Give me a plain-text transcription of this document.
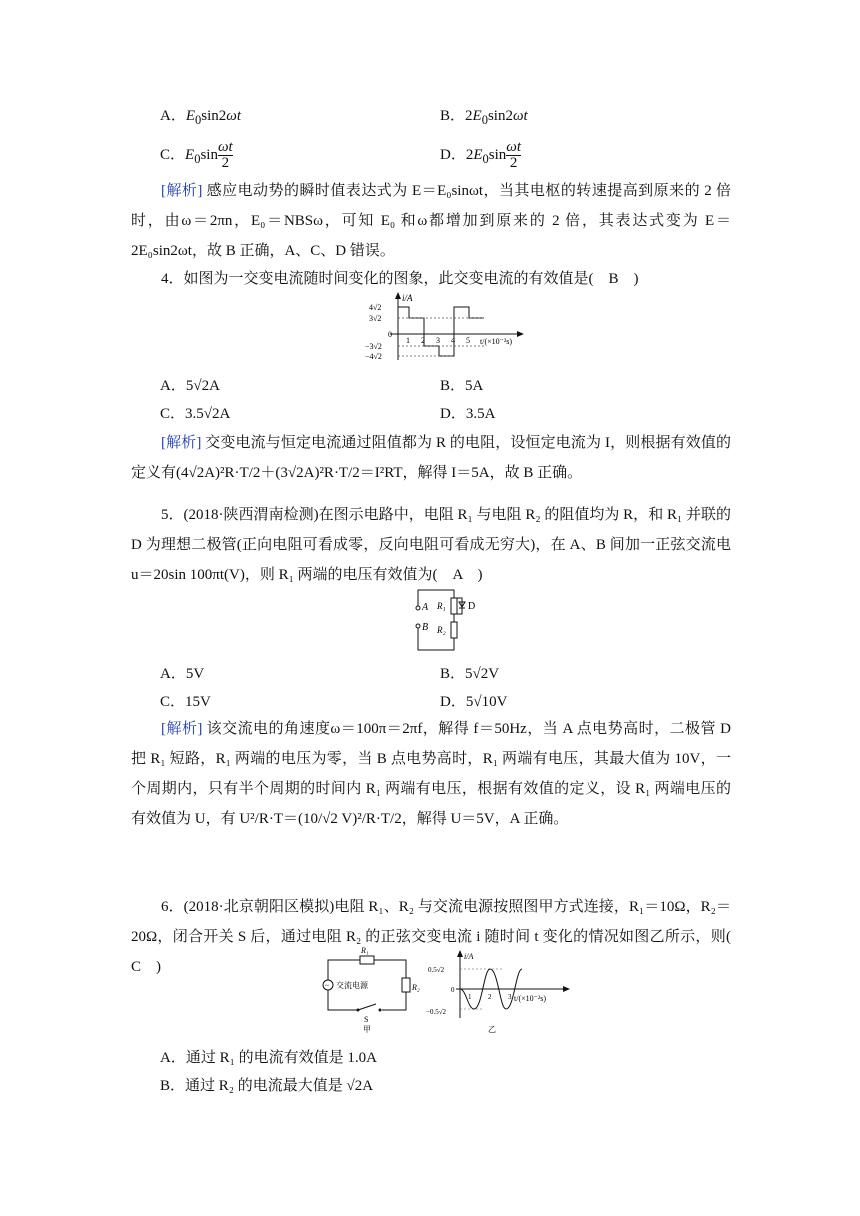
A．$E_0\sin 2\omega t$	B．$2E_0\sin 2\omega t$
C．$E_0\sin \frac{\omega t}{2}$	D．$2E_0\sin \frac{\omega t}{2}$
[解析] 感应电动势的瞬时值表达式为 E＝E₀sinωt，当其电枢的转速提高到原来的 2 倍时，由ω＝2πn，E₀＝NBSω，可知 E₀ 和ω都增加到原来的 2 倍，其表达式变为 E＝2E₀sin2ωt，故 B 正确，A、C、D 错误。
4．如图为一交变电流随时间变化的图象，此交变电流的有效值是(　B　)
i/A
t/(×10⁻²s)
4√2
3√2
0
−3√2
−4√2
1 2 3 4 5
A．5√2A	B．5A
C．3.5√2A	D．3.5A
[解析] 交变电流与恒定电流通过阻值都为 R 的电阻，设恒定电流为 I，则根据有效值的定义有(4√2A)²R·T/2＋(3√2A)²R·T/2＝I²RT，解得 I＝5A，故 B 正确。
5．(2018·陕西渭南检测)在图示电路中，电阻 R₁ 与电阻 R₂ 的阻值均为 R，和 R₁ 并联的 D 为理想二极管(正向电阻可看成零，反向电阻可看成无穷大)，在 A、B 间加一正弦交流电 u＝20sin 100πt(V)，则 R₁ 两端的电压有效值为(　A　)
A
B
R₁
R₂
D
A．5V	B．5√2V
C．15V	D．5√10V
[解析] 该交流电的角速度ω＝100π＝2πf，解得 f＝50Hz，当 A 点电势高时，二极管 D 把 R₁ 短路，R₁ 两端的电压为零，当 B 点电势高时，R₁ 两端有电压，其最大值为 10V，一个周期内，只有半个周期的时间内 R₁ 两端有电压，根据有效值的定义，设 R₁ 两端电压的有效值为 U，有 U²/R·T＝(10/√2 V)²/R·T/2，解得 U＝5V，A 正确。
6．(2018·北京朝阳区模拟)电阻 R₁、R₂ 与交流电源按照图甲方式连接，R₁＝10Ω，R₂＝20Ω，闭合开关 S 后，通过电阻 R₂ 的正弦交变电流 i 随时间 t 变化的情况如图乙所示，则(　C　)
R₁
R₂
~ 交流电源
S
甲
i/A
t/(×10⁻²s)
0.5√2
0
−0.5√2
1 2 3
乙
A．通过 R₁ 的电流有效值是 1.0A
B．通过 R₂ 的电流最大值是 √2A
